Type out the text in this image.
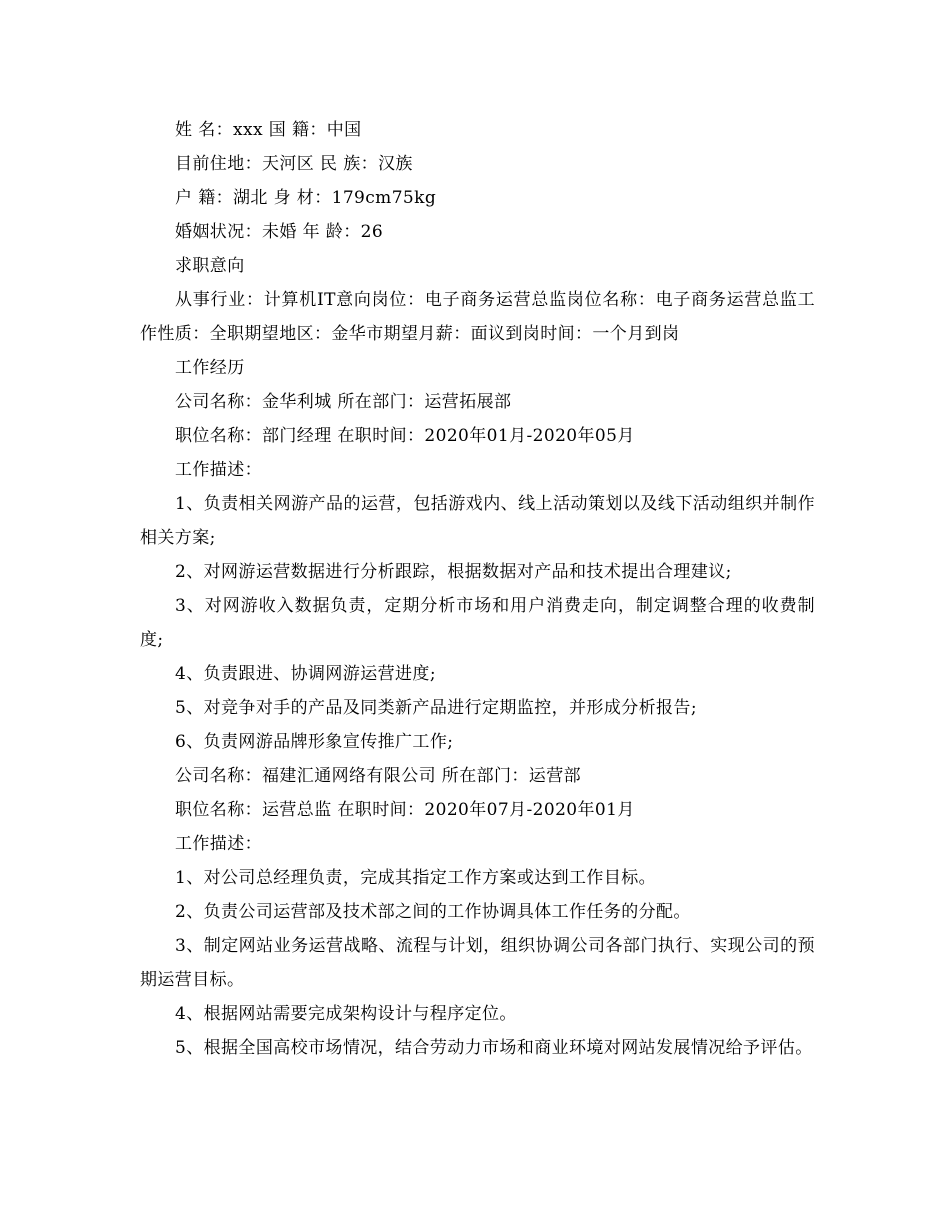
姓 名：xxx 国 籍：中国
目前住地：天河区 民 族：汉族
户 籍：湖北 身 材：179cm75kg
婚姻状况：未婚 年 龄：26
求职意向
从事行业：计算机IT意向岗位：电子商务运营总监岗位名称：电子商务运营总监工作性质：全职期望地区：金华市期望月薪：面议到岗时间：一个月到岗
工作经历
公司名称：金华利城 所在部门：运营拓展部
职位名称：部门经理 在职时间：2020年01月-2020年05月
工作描述：
1、负责相关网游产品的运营，包括游戏内、线上活动策划以及线下活动组织并制作相关方案;
2、对网游运营数据进行分析跟踪，根据数据对产品和技术提出合理建议;
3、对网游收入数据负责，定期分析市场和用户消费走向，制定调整合理的收费制度;
4、负责跟进、协调网游运营进度;
5、对竞争对手的产品及同类新产品进行定期监控，并形成分析报告;
6、负责网游品牌形象宣传推广工作;
公司名称：福建汇通网络有限公司 所在部门：运营部
职位名称：运营总监 在职时间：2020年07月-2020年01月
工作描述：
1、对公司总经理负责，完成其指定工作方案或达到工作目标。
2、负责公司运营部及技术部之间的工作协调具体工作任务的分配。
3、制定网站业务运营战略、流程与计划，组织协调公司各部门执行、实现公司的预期运营目标。
4、根据网站需要完成架构设计与程序定位。
5、根据全国高校市场情况，结合劳动力市场和商业环境对网站发展情况给予评估。
